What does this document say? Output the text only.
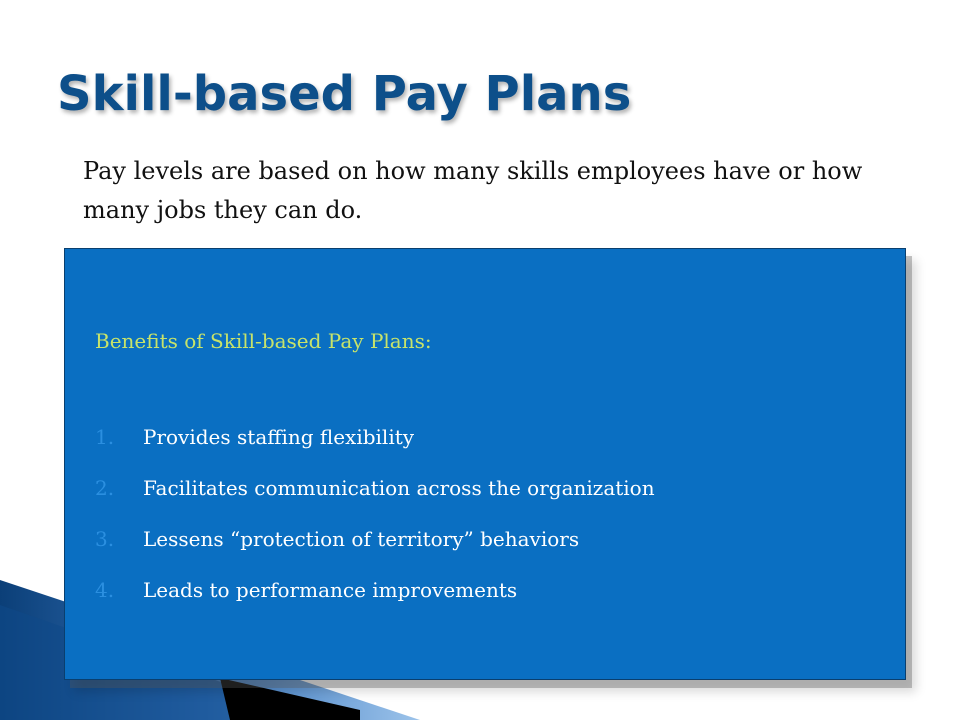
Skill-based Pay Plans

Pay levels are based on how many skills employees have or how many jobs they can do.

Benefits of Skill-based Pay Plans:

1.	Provides staffing flexibility
2.	Facilitates communication across the organization
3.	Lessens “protection of territory” behaviors
4.	Leads to performance improvements
